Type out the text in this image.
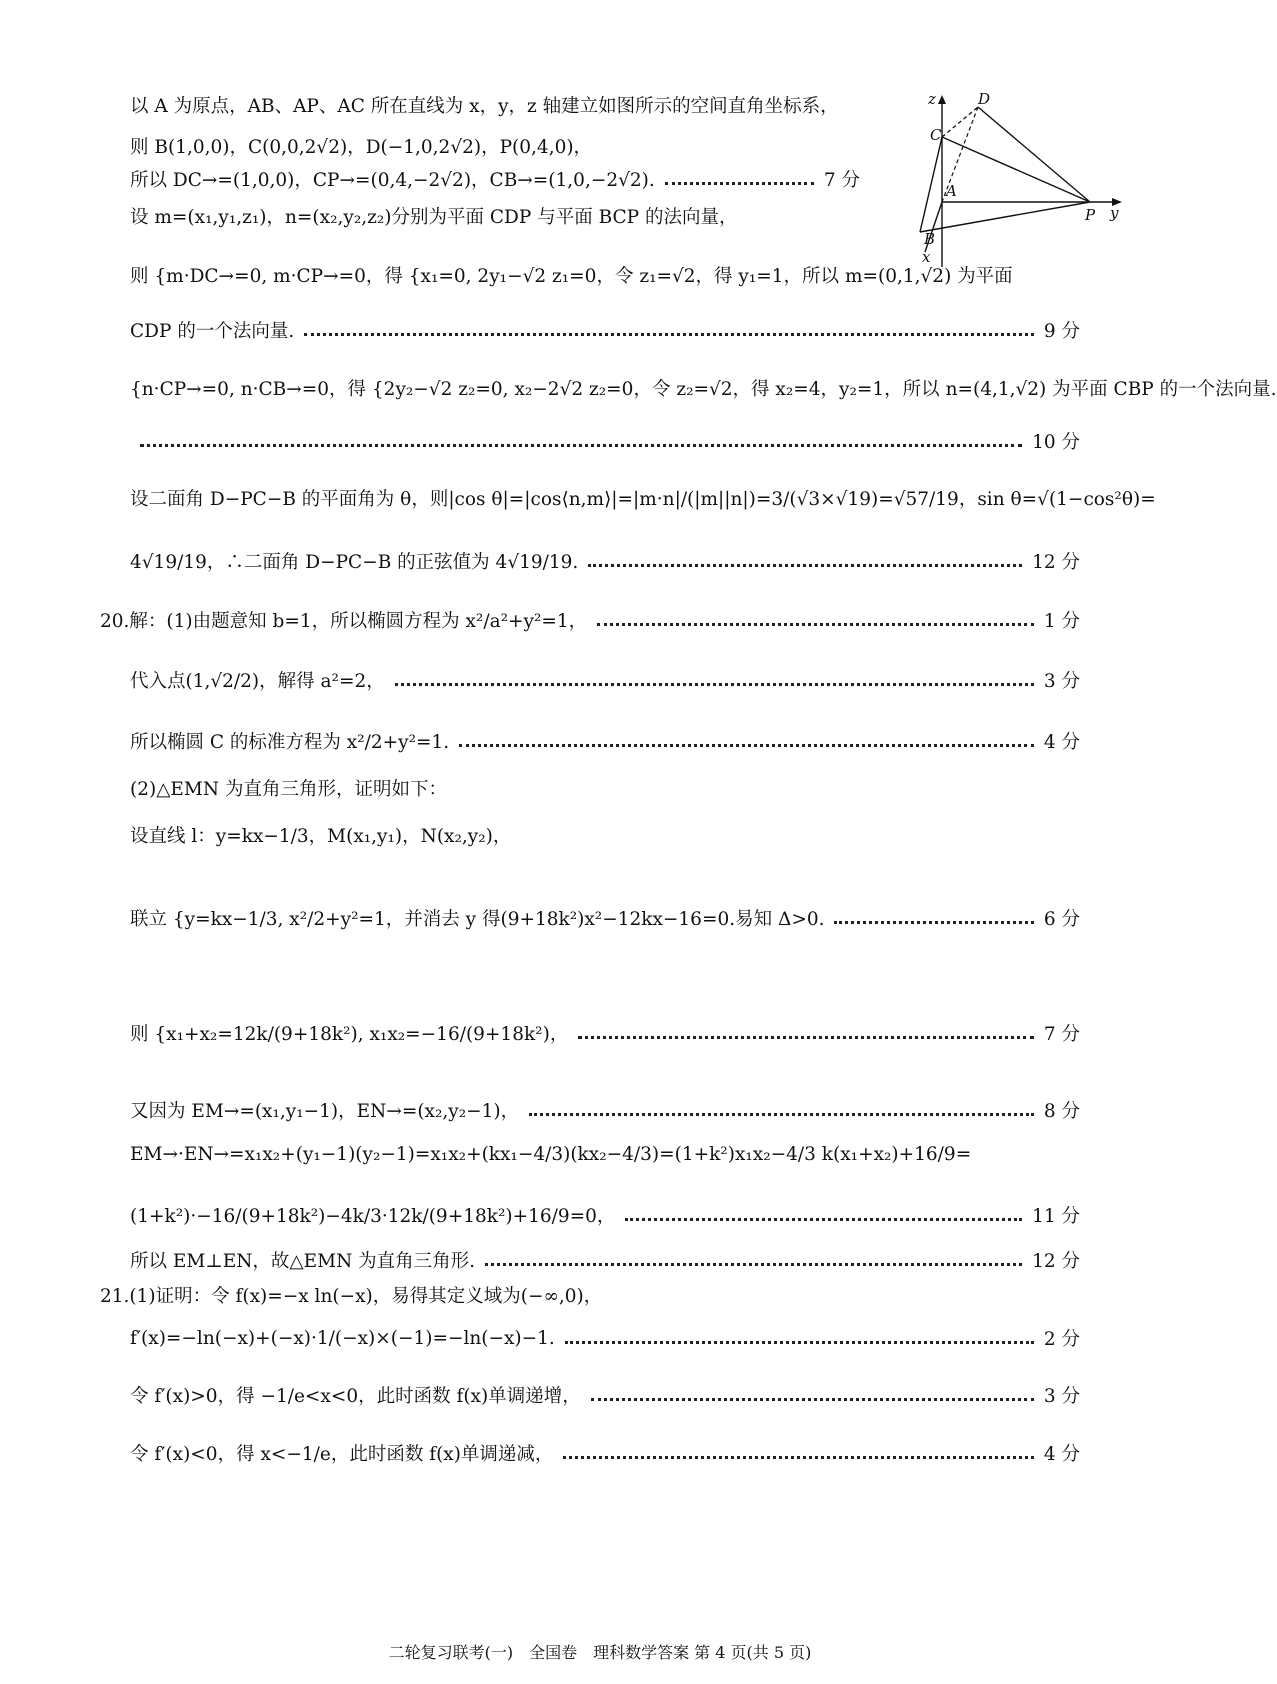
以 A 为原点，AB、AP、AC 所在直线为 x，y，z 轴建立如图所示的空间直角坐标系，
则 B(1,0,0)，C(0,0,2√2)，D(−1,0,2√2)，P(0,4,0)，
所以 DC→=(1,0,0)，CP→=(0,4,−2√2)，CB→=(1,0,−2√2).	7 分
设 m=(x₁,y₁,z₁)，n=(x₂,y₂,z₂)分别为平面 CDP 与平面 BCP 的法向量，
则 {m·DC→=0, m·CP→=0，得 {x₁=0, 2y₁−√2 z₁=0，令 z₁=√2，得 y₁=1，所以 m=(0,1,√2) 为平面
CDP 的一个法向量.	9 分
{n·CP→=0, n·CB→=0，得 {2y₂−√2 z₂=0, x₂−2√2 z₂=0，令 z₂=√2，得 x₂=4，y₂=1，所以 n=(4,1,√2) 为平面 CBP 的一个法向量.
10 分
设二面角 D−PC−B 的平面角为 θ，则|cos θ|=|cos⟨n,m⟩|=|m·n|/(|m||n|)=3/(√3×√19)=√57/19，sin θ=√(1−cos²θ)=
4√19/19，∴二面角 D−PC−B 的正弦值为 4√19/19.	12 分
20.解：(1)由题意知 b=1，所以椭圆方程为 x²/a²+y²=1，	1 分
代入点(1,√2/2)，解得 a²=2，	3 分
所以椭圆 C 的标准方程为 x²/2+y²=1.	4 分
(2)△EMN 为直角三角形，证明如下：
设直线 l：y=kx−1/3，M(x₁,y₁)，N(x₂,y₂)，
联立 {y=kx−1/3, x²/2+y²=1，并消去 y 得(9+18k²)x²−12kx−16=0.易知 Δ>0.	6 分
则 {x₁+x₂=12k/(9+18k²), x₁x₂=−16/(9+18k²)，	7 分
又因为 EM→=(x₁,y₁−1)，EN→=(x₂,y₂−1)，	8 分
EM→·EN→=x₁x₂+(y₁−1)(y₂−1)=x₁x₂+(kx₁−4/3)(kx₂−4/3)=(1+k²)x₁x₂−4/3 k(x₁+x₂)+16/9=
(1+k²)·−16/(9+18k²)−4k/3·12k/(9+18k²)+16/9=0，	11 分
所以 EM⊥EN，故△EMN 为直角三角形.	12 分
21.(1)证明：令 f(x)=−x ln(−x)，易得其定义域为(−∞,0)，
f′(x)=−ln(−x)+(−x)·1/(−x)×(−1)=−ln(−x)−1.	2 分
令 f′(x)>0，得 −1/e<x<0，此时函数 f(x)单调递增，	3 分
令 f′(x)<0，得 x<−1/e，此时函数 f(x)单调递减，	4 分
z	D
C
A
P y
B
x
二轮复习联考(一)　全国卷　理科数学答案 第 4 页(共 5 页)
